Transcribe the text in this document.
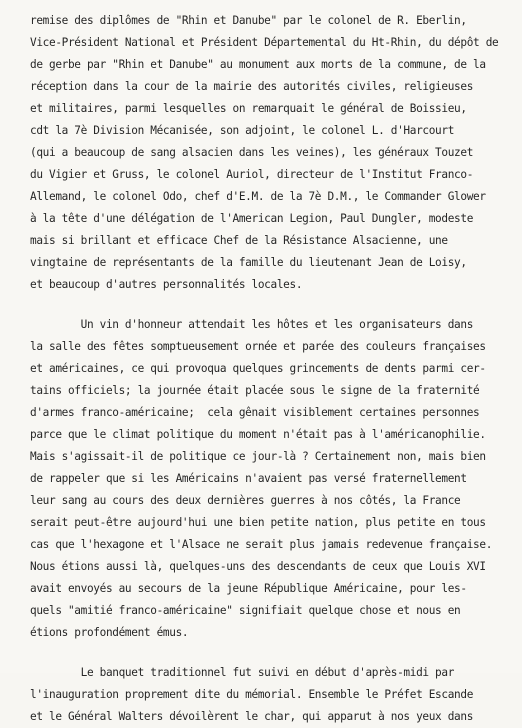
remise des diplômes de "Rhin et Danube" par le colonel de R. Eberlin,
Vice-Président National et Président Départemental du Ht-Rhin, du dépôt de
de gerbe par "Rhin et Danube" au monument aux morts de la commune, de la
réception dans la cour de la mairie des autorités civiles, religieuses
et militaires, parmi lesquelles on remarquait le général de Boissieu,
cdt la 7è Division Mécanisée, son adjoint, le colonel L. d'Harcourt
(qui a beaucoup de sang alsacien dans les veines), les généraux Touzet
du Vigier et Gruss, le colonel Auriol, directeur de l'Institut Franco-
Allemand, le colonel Odo, chef d'E.M. de la 7è D.M., le Commander Glower
à la tête d'une délégation de l'American Legion, Paul Dungler, modeste
mais si brillant et efficace Chef de la Résistance Alsacienne, une
vingtaine de représentants de la famille du lieutenant Jean de Loisy,
et beaucoup d'autres personnalités locales.
Un vin d'honneur attendait les hôtes et les organisateurs dans
la salle des fêtes somptueusement ornée et parée des couleurs françaises
et américaines, ce qui provoqua quelques grincements de dents parmi cer-
tains officiels; la journée était placée sous le signe de la fraternité
d'armes franco-américaine;  cela gênait visiblement certaines personnes
parce que le climat politique du moment n'était pas à l'américanophilie.
Mais s'agissait-il de politique ce jour-là ? Certainement non, mais bien
de rappeler que si les Américains n'avaient pas versé fraternellement
leur sang au cours des deux dernières guerres à nos côtés, la France
serait peut-être aujourd'hui une bien petite nation, plus petite en tous
cas que l'hexagone et l'Alsace ne serait plus jamais redevenue française.
Nous étions aussi là, quelques-uns des descendants de ceux que Louis XVI
avait envoyés au secours de la jeune République Américaine, pour les-
quels "amitié franco-américaine" signifiait quelque chose et nous en
étions profondément émus.
Le banquet traditionnel fut suivi en début d'après-midi par
l'inauguration proprement dite du mémorial. Ensemble le Préfet Escande
et le Général Walters dévoilèrent le char, qui apparut à nos yeux dans
